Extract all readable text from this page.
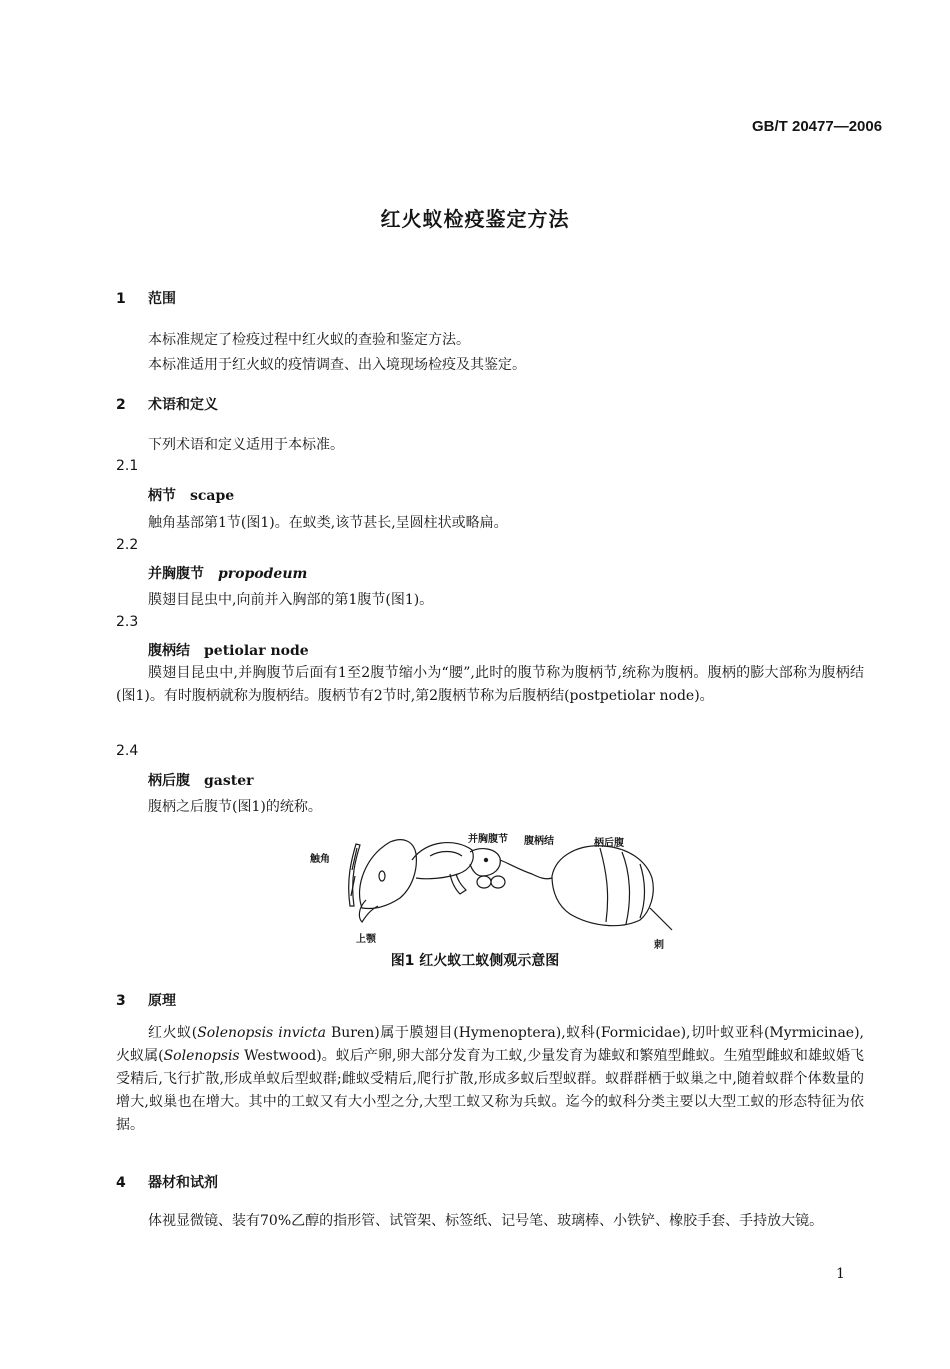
GB/T 20477—2006
红火蚁检疫鉴定方法
1 范围
本标准规定了检疫过程中红火蚁的查验和鉴定方法。
本标准适用于红火蚁的疫情调查、出入境现场检疫及其鉴定。
2 术语和定义
下列术语和定义适用于本标准。
2.1
柄节 scape
触角基部第1节(图1)。在蚁类,该节甚长,呈圆柱状或略扁。
2.2
并胸腹节 propodeum
膜翅目昆虫中,向前并入胸部的第1腹节(图1)。
2.3
腹柄结 petiolar node

膜翅目昆虫中,并胸腹节后面有1至2腹节缩小为“腰”,此时的腹节称为腹柄节,统称为腹柄。腹柄的膨大部称为腹柄结(图1)。有时腹柄就称为腹柄结。腹柄节有2节时,第2腹柄节称为后腹柄结(postpetiolar node)。

2.4
柄后腹 gaster
腹柄之后腹节(图1)的统称。
触角
上颚
并胸腹节 腹柄结	柄后腹
刺
图1 红火蚁工蚁侧观示意图
3 原理

红火蚁(Solenopsis invicta Buren)属于膜翅目(Hymenoptera),蚁科(Formicidae),切叶蚁亚科(Myrmicinae),火蚁属(Solenopsis Westwood)。蚁后产卵,卵大部分发育为工蚁,少量发育为雄蚁和繁殖型雌蚁。生殖型雌蚁和雄蚁婚飞受精后,飞行扩散,形成单蚁后型蚁群;雌蚁受精后,爬行扩散,形成多蚁后型蚁群。蚁群群栖于蚁巢之中,随着蚁群个体数量的增大,蚁巢也在增大。其中的工蚁又有大小型之分,大型工蚁又称为兵蚁。迄今的蚁科分类主要以大型工蚁的形态特征为依据。

4 器材和试剂

体视显微镜、装有70%乙醇的指形管、试管架、标签纸、记号笔、玻璃棒、小铁铲、橡胶手套、手持放大镜。

1
